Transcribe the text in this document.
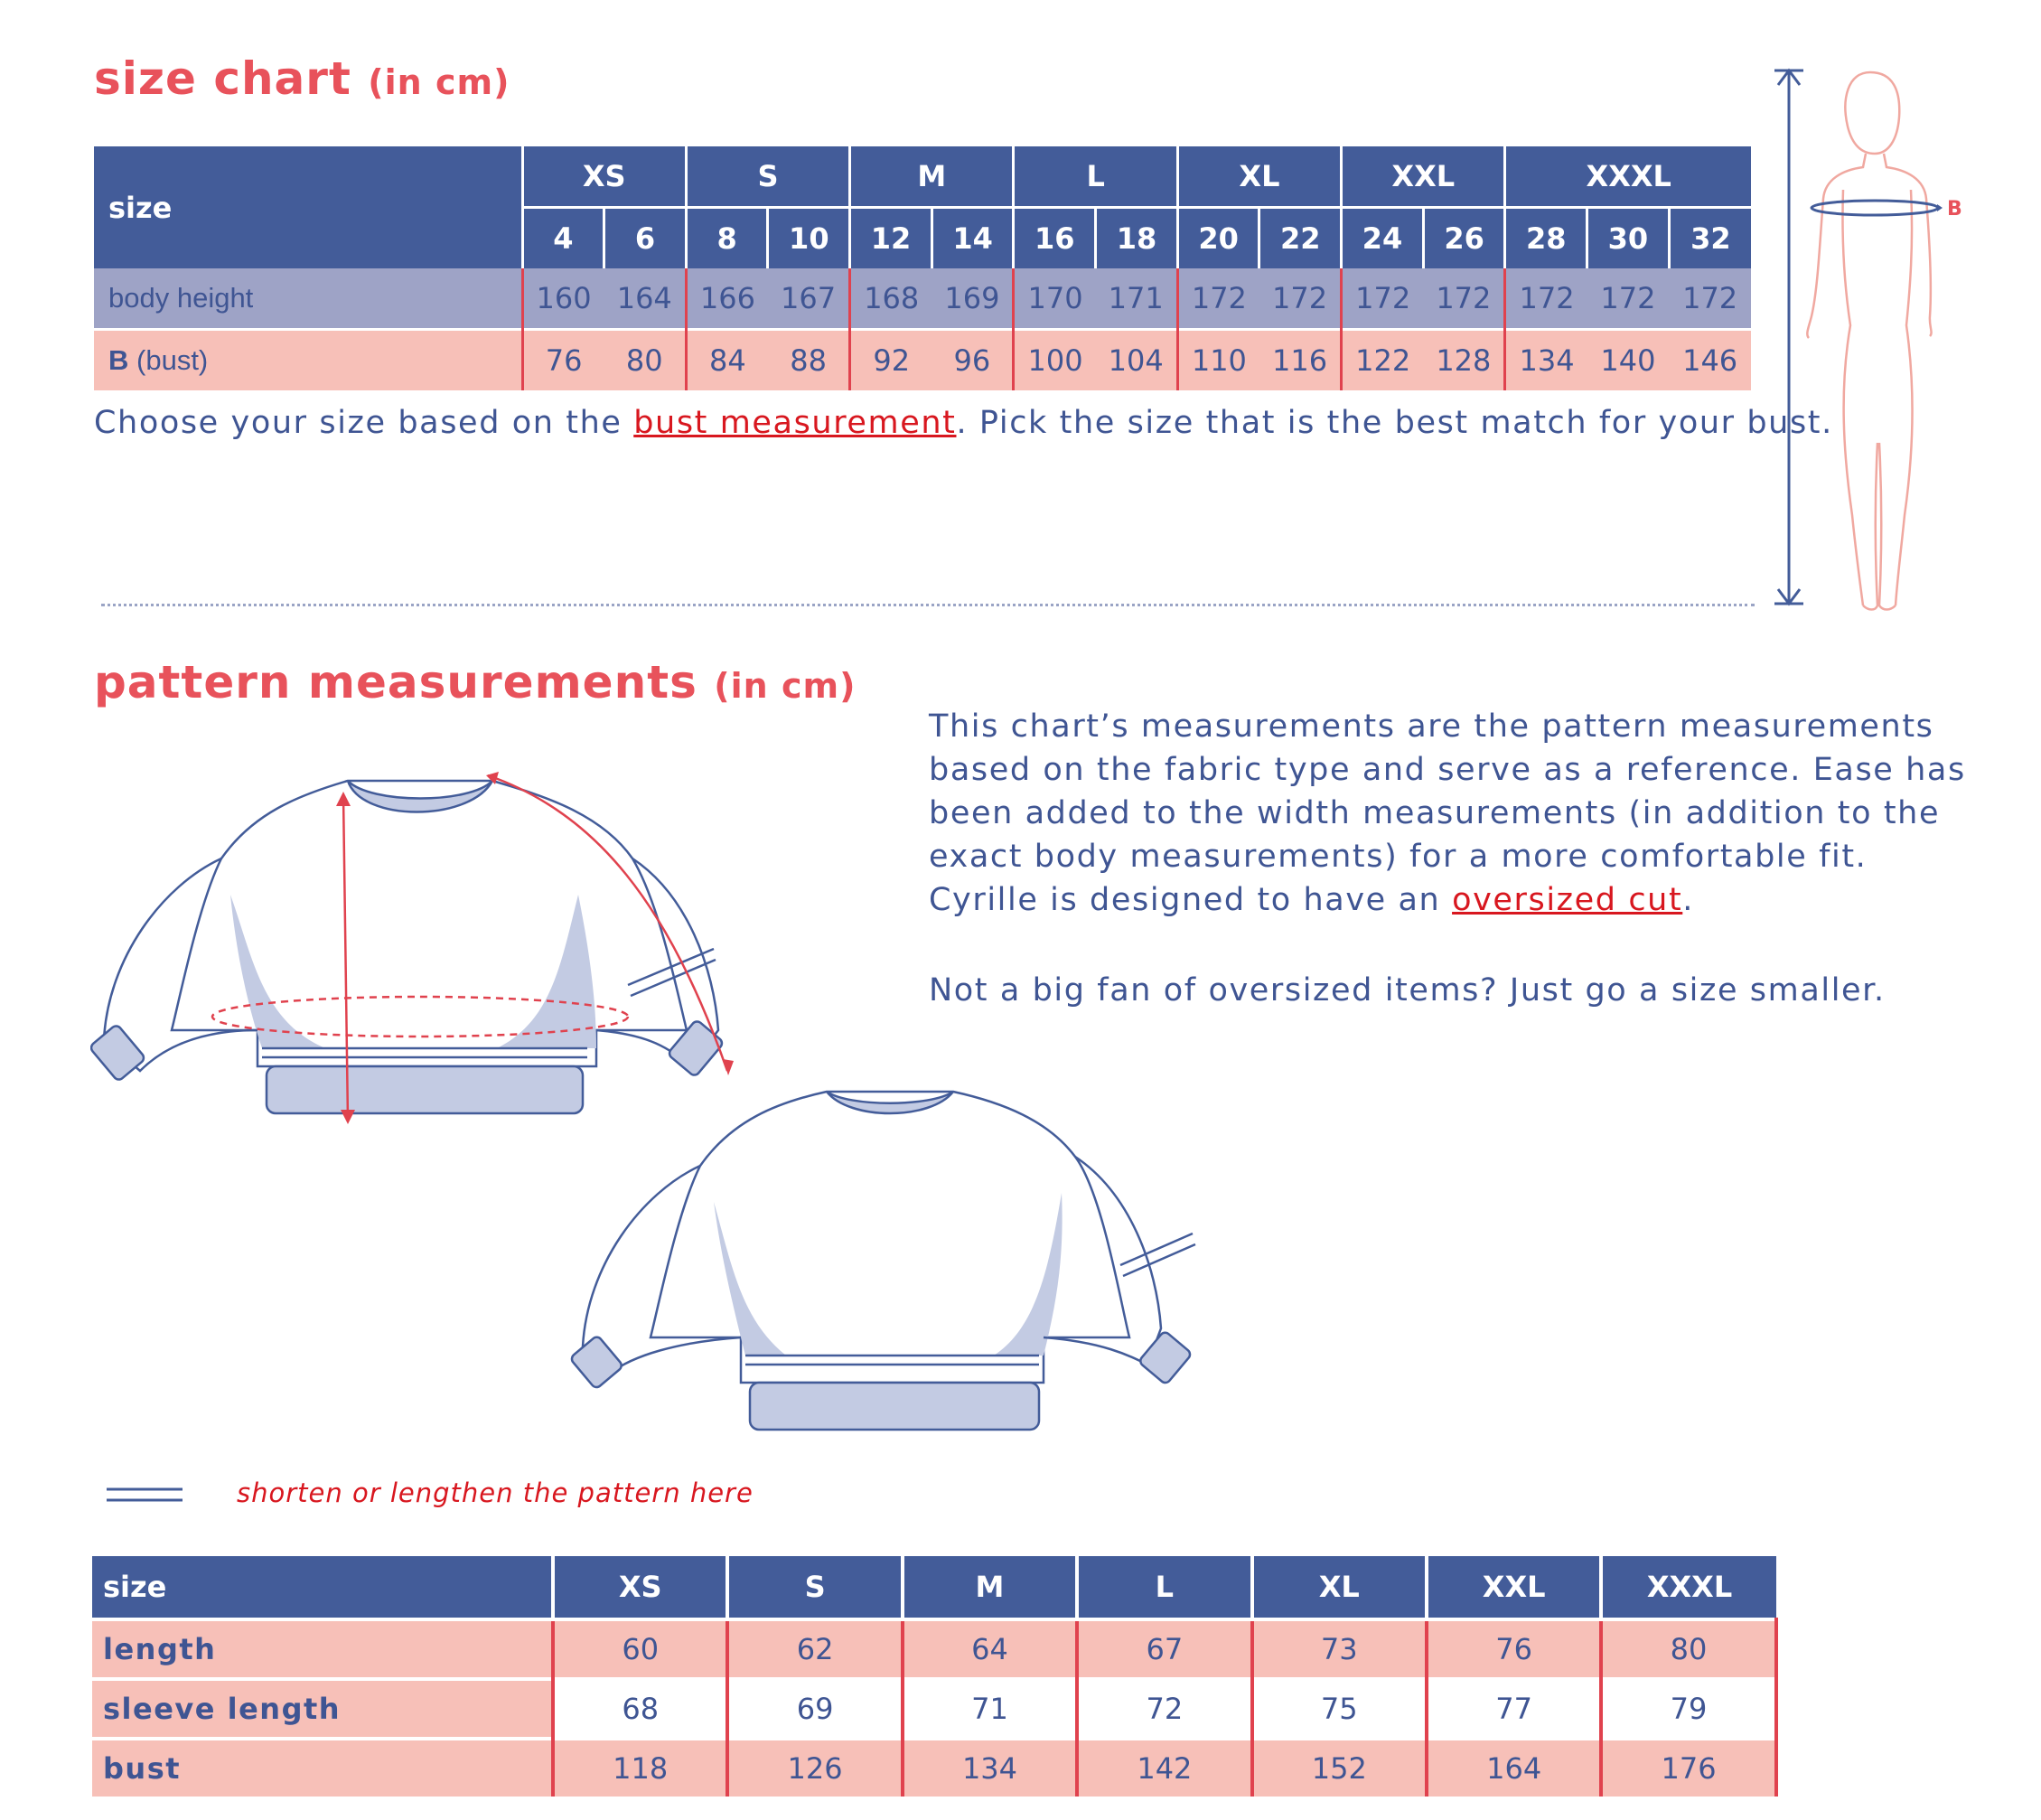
size chart (in cm)
size	XS		S		M		L		XL		XXL		XXXL		
	4	6	8	10	12	14	16	18	20	22	24	26	28	30	32
body height	160	164	166	167	168	169	170	171	172	172	172	172	172	172	172
B (bust)	76	80	84	88	92	96	100	104	110	116	122	128	134	140	146
Choose your size based on the bust measurement. Pick the size that is the best match for your bust.
B
pattern measurements (in cm)
This chart’s measurements are the pattern measurements based on the fabric type and serve as a reference. Ease has been added to the width measurements (in addition to the exact body measurements) for a more comfortable fit. Cyrille is designed to have an oversized cut.
Not a big fan of oversized items? Just go a size smaller.
shorten or lengthen the pattern here
size	XS	S	M	L	XL	XXL	XXXL
length	60	62	64	67	73	76	80
sleeve length	68	69	71	72	75	77	79
bust	118	126	134	142	152	164	176
